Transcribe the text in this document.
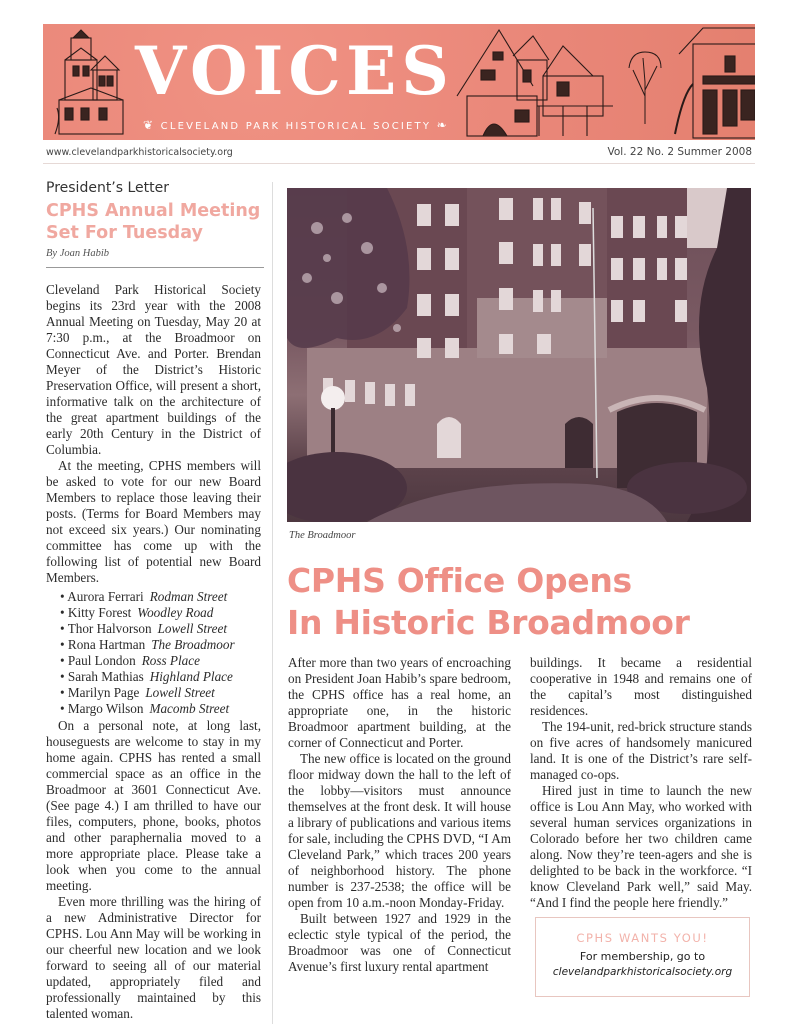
VOICES
❦ CLEVELAND PARK HISTORICAL SOCIETY ❧
www.clevelandparkhistoricalsociety.org	Vol. 22 No. 2 Summer 2008
President’s Letter
CPHS Annual Meeting Set For Tuesday
By Joan Habib

Cleveland Park Historical Society begins its 23rd year with the 2008 Annual Meeting on Tuesday, May 20 at 7:30 p.m., at the Broadmoor on Connecticut Ave. and Porter. Brendan Meyer of the District’s Historic Preservation Office, will present a short, informative talk on the architecture of the great apartment buildings of the early 20th Century in the District of Columbia.

At the meeting, CPHS members will be asked to vote for our new Board Members to replace those leaving their posts. (Terms for Board Members may not exceed six years.) Our nominating committee has come up with the following list of potential new Board Members.

• Aurora Ferrari Rodman Street
• Kitty Forest Woodley Road
• Thor Halvorson Lowell Street
• Rona Hartman The Broadmoor
• Paul London Ross Place
• Sarah Mathias Highland Place
• Marilyn Page Lowell Street
• Margo Wilson Macomb Street

On a personal note, at long last, houseguests are welcome to stay in my home again. CPHS has rented a small commercial space as an office in the Broadmoor at 3601 Connecticut Ave. (See page 4.) I am thrilled to have our files, computers, phone, books, photos and other paraphernalia moved to a more appropriate place. Please take a look when you come to the annual meeting.

Even more thrilling was the hiring of a new Administrative Director for CPHS. Lou Ann May will be working in our cheerful new location and we look forward to seeing all of our material updated, appropriately filed and professionally maintained by this talented woman.

The Broadmoor
CPHS Office Opens
In Historic Broadmoor

After more than two years of encroaching on President Joan Habib’s spare bedroom, the CPHS office has a real home, an appropriate one, in the historic Broadmoor apartment building, at the corner of Connecticut and Porter.

The new office is located on the ground floor midway down the hall to the left of the lobby—visitors must announce themselves at the front desk. It will house a library of publications and various items for sale, including the CPHS DVD, “I Am Cleveland Park,” which traces 200 years of neighborhood history. The phone number is 237-2538; the office will be open from 10 a.m.-noon Monday-Friday.

Built between 1927 and 1929 in the eclectic style typical of the period, the Broadmoor was one of Connecticut Avenue’s first luxury rental apartment

buildings. It became a residential cooperative in 1948 and remains one of the capital’s most distinguished residences.

The 194-unit, red-brick structure stands on five acres of handsomely manicured land. It is one of the District’s rare self-managed co-ops.

Hired just in time to launch the new office is Lou Ann May, who worked with several human services organizations in Colorado before her two children came along. Now they’re teen-agers and she is delighted to be back in the workforce. “I know Cleveland Park well,” said May. “And I find the people here friendly.”

CPHS WANTS YOU!
For membership, go to
clevelandparkhistoricalsociety.org
